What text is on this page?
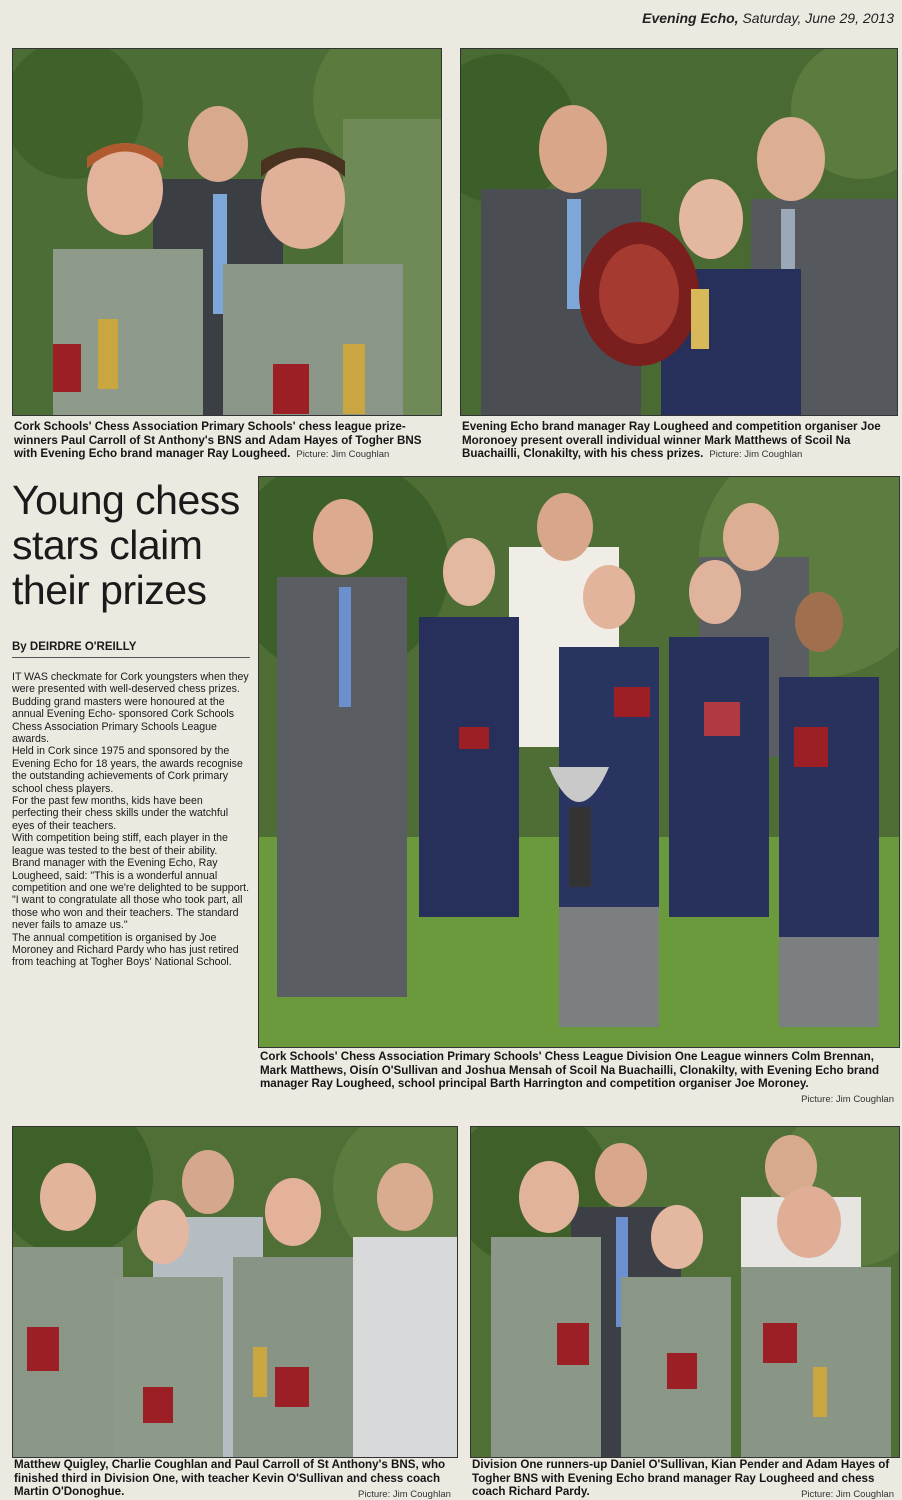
Evening Echo, Saturday, June 29, 2013
Cork Schools' Chess Association Primary Schools' chess league prize-winners Paul Carroll of St Anthony's BNS and Adam Hayes of Togher BNS with Evening Echo brand manager Ray Lougheed. Picture: Jim Coughlan
Evening Echo brand manager Ray Lougheed and competition organiser Joe Moronoey present overall individual winner Mark Matthews of Scoil Na Buachailli, Clonakilty, with his chess prizes. Picture: Jim Coughlan
Young chess stars claim their prizes
By DEIRDRE O'REILLY

IT WAS checkmate for Cork youngsters when they were presented with well-deserved chess prizes.

Budding grand masters were honoured at the annual Evening Echo- sponsored Cork Schools Chess Association Primary Schools League awards.

Held in Cork since 1975 and sponsored by the Evening Echo for 18 years, the awards recognise the outstanding achievements of Cork primary school chess players.

For the past few months, kids have been perfecting their chess skills under the watchful eyes of their teachers.

With competition being stiff, each player in the league was tested to the best of their ability.

Brand manager with the Evening Echo, Ray Lougheed, said: "This is a wonderful annual competition and one we're delighted to be support.

"I want to congratulate all those who took part, all those who won and their teachers. The standard never fails to amaze us."

The annual competition is organised by Joe Moroney and Richard Pardy who has just retired from teaching at Togher Boys' National School.

Cork Schools' Chess Association Primary Schools' Chess League Division One League winners Colm Brennan, Mark Matthews, Oisín O'Sullivan and Joshua Mensah of Scoil Na Buachailli, Clonakilty, with Evening Echo brand manager Ray Lougheed, school principal Barth Harrington and competition organiser Joe Moroney.
Picture: Jim Coughlan
Matthew Quigley, Charlie Coughlan and Paul Carroll of St Anthony's BNS, who finished third in Division One, with teacher Kevin O'Sullivan and chess coach Martin O'Donoghue.	Picture: Jim Coughlan
Division One runners-up Daniel O'Sullivan, Kian Pender and Adam Hayes of Togher BNS with Evening Echo brand manager Ray Lougheed and chess coach Richard Pardy.	Picture: Jim Coughlan
